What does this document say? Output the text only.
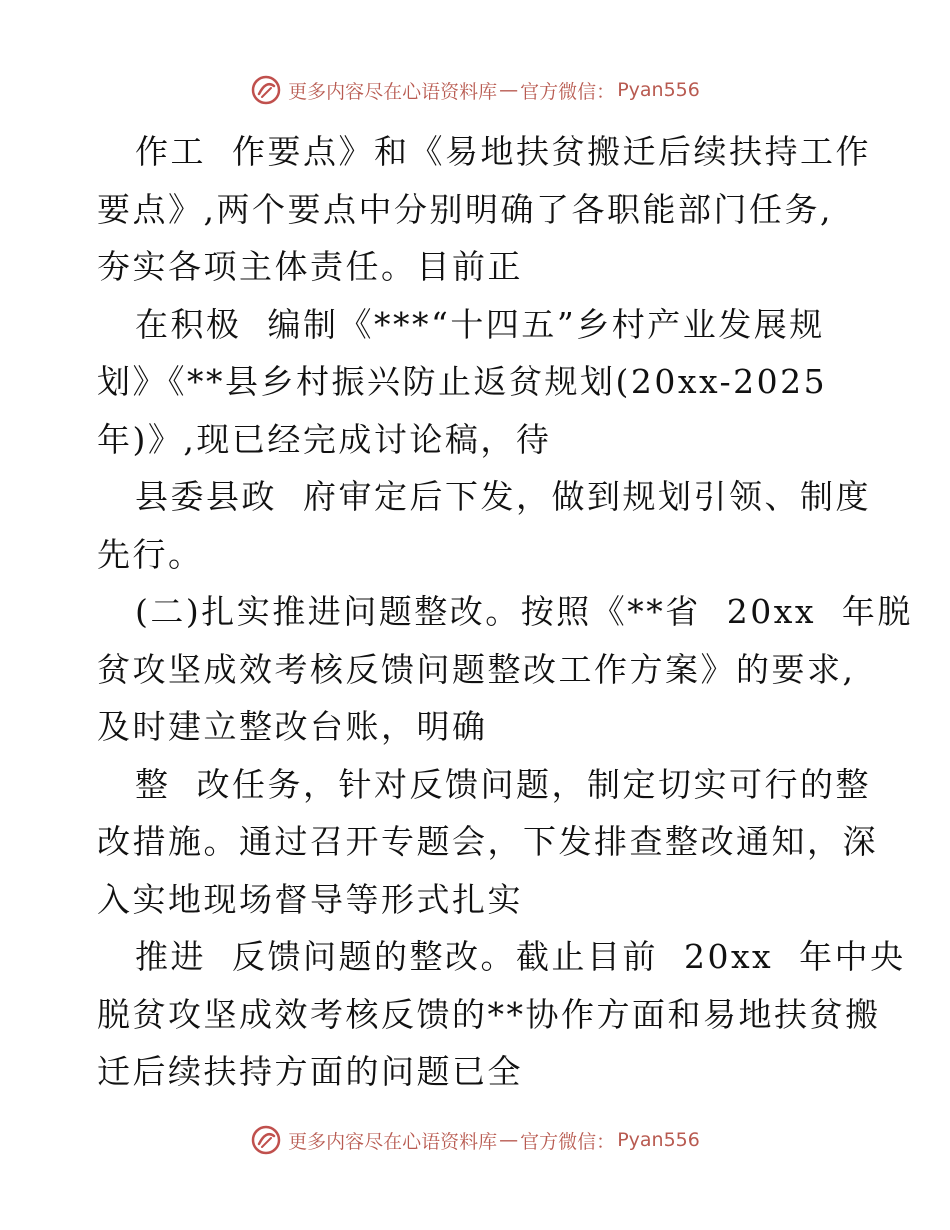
更多内容尽在心语资料库 — 官方微信： Pyan556
作工  作要点》和《易地扶贫搬迁后续扶持工作
要点》,两个要点中分别明确了各职能部门任务,
夯实各项主体责任。目前正
在积极  编制《***“十四五”乡村产业发展规
划》《**县乡村振兴防止返贫规划(20xx-2025
年)》,现已经完成讨论稿，待
县委县政  府审定后下发，做到规划引领、制度
先行。
(二)扎实推进问题整改。按照《**省  20xx  年脱
贫攻坚成效考核反馈问题整改工作方案》的要求,
及时建立整改台账，明确
整  改任务，针对反馈问题，制定切实可行的整
改措施。通过召开专题会，下发排查整改通知，深
入实地现场督导等形式扎实
推进  反馈问题的整改。截止目前  20xx  年中央
脱贫攻坚成效考核反馈的**协作方面和易地扶贫搬
迁后续扶持方面的问题已全
更多内容尽在心语资料库 — 官方微信： Pyan556
